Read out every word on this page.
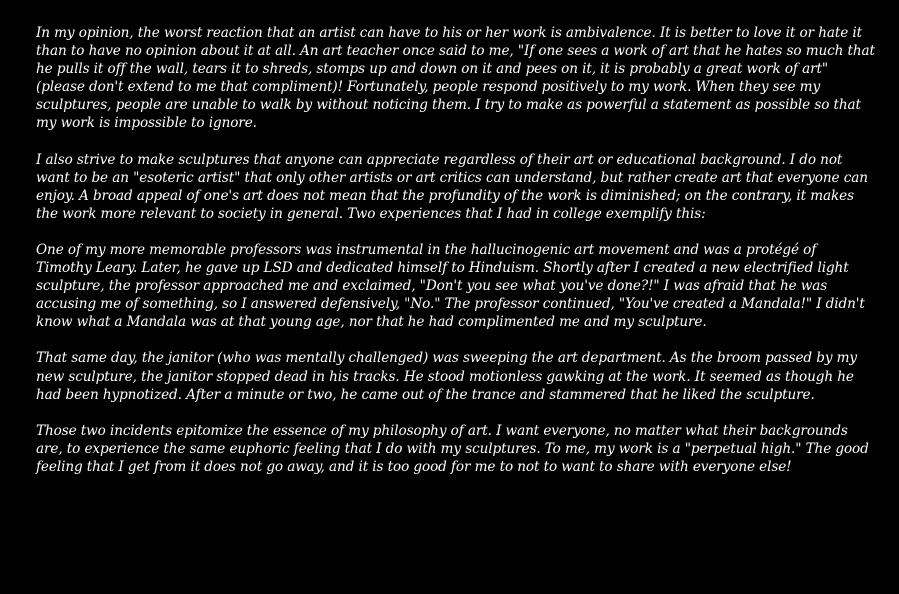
In my opinion, the worst reaction that an artist can have to his or her work is ambivalence. It is better to love it or hate it than to have no opinion about it at all. An art teacher once said to me, "If one sees a work of art that he hates so much that he pulls it off the wall, tears it to shreds, stomps up and down on it and pees on it, it is probably a great work of art" (please don't extend to me that compliment)! Fortunately, people respond positively to my work. When they see my sculptures, people are unable to walk by without noticing them. I try to make as powerful a statement as possible so that my work is impossible to ignore.

I also strive to make sculptures that anyone can appreciate regardless of their art or educational background. I do not want to be an "esoteric artist" that only other artists or art critics can understand, but rather create art that everyone can enjoy. A broad appeal of one's art does not mean that the profundity of the work is diminished; on the contrary, it makes the work more relevant to society in general. Two experiences that I had in college exemplify this:

One of my more memorable professors was instrumental in the hallucinogenic art movement and was a protégé of Timothy Leary. Later, he gave up LSD and dedicated himself to Hinduism. Shortly after I created a new electrified light sculpture, the professor approached me and exclaimed, "Don't you see what you've done?!" I was afraid that he was accusing me of something, so I answered defensively, "No." The professor continued, "You've created a Mandala!" I didn't know what a Mandala was at that young age, nor that he had complimented me and my sculpture.

That same day, the janitor (who was mentally challenged) was sweeping the art department. As the broom passed by my new sculpture, the janitor stopped dead in his tracks. He stood motionless gawking at the work. It seemed as though he had been hypnotized. After a minute or two, he came out of the trance and stammered that he liked the sculpture.

Those two incidents epitomize the essence of my philosophy of art. I want everyone, no matter what their backgrounds are, to experience the same euphoric feeling that I do with my sculptures. To me, my work is a "perpetual high." The good feeling that I get from it does not go away, and it is too good for me to not to want to share with everyone else!
